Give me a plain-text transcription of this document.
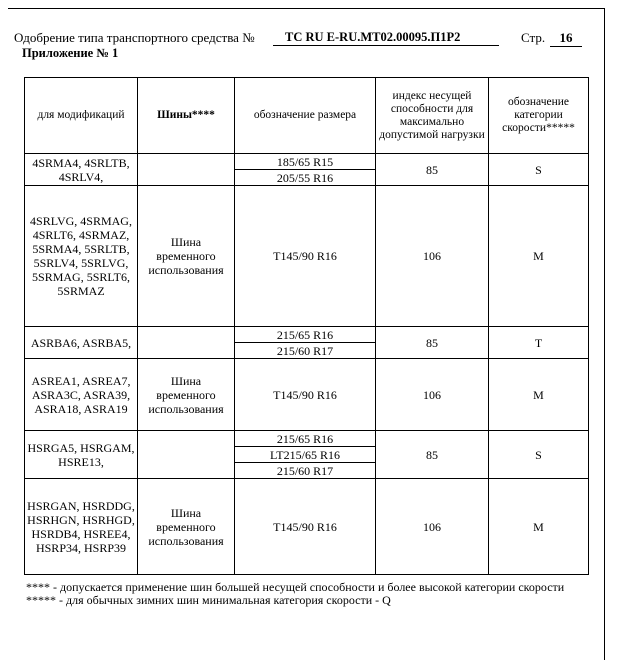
Одобрение типа транспортного средства №	ТС RU E-RU.МТ02.00095.П1Р2	Стр.	16
Приложение № 1
для модификаций	Шины****	обозначение размера	индекс несущей способности для максимально допустимой нагрузки	обозначение категории скорости*****
4SRMA4, 4SRLTB, 4SRLV4,		185/65 R15	85	S
		205/55 R16		
4SRLVG, 4SRMAG, 4SRLT6, 4SRMAZ, 5SRMA4, 5SRLTB, 5SRLV4, 5SRLVG, 5SRMAG, 5SRLT6, 5SRMAZ	Шина временного использования	T145/90 R16	106	M
ASRBA6, ASRBA5,		215/65 R16	85	T
		215/60 R17		
ASREA1, ASREA7, ASRA3C, ASRA39, ASRA18, ASRA19	Шина временного использования	T145/90 R16	106	M
HSRGA5, HSRGAM, HSRE13,		215/65 R16	85	S
		LT215/65 R16		
		215/60 R17		
HSRGAN, HSRDDG, HSRHGN, HSRHGD, HSRDB4, HSREE4, HSRP34, HSRP39	Шина временного использования	T145/90 R16	106	M

**** - допускается применение шин большей несущей способности и более высокой категории скорости

***** - для обычных зимних шин минимальная категория скорости - Q
